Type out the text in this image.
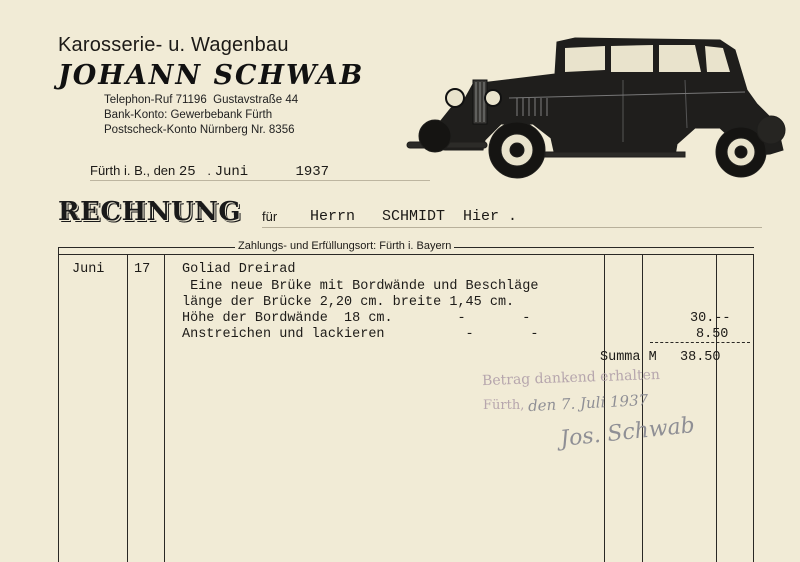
Karosserie- u. Wagenbau
JOHANN SCHWAB
Telephon-Ruf 71196 Gustavstraße 44
Bank-Konto: Gewerbebank Fürth
Postscheck-Konto Nürnberg Nr. 8356
Fürth i. B., den 25 . Juni	1937
RECHNUNG für Herrn   SCHMIDT  Hier .
Zahlungs- und Erfüllungsort: Fürth i. Bayern
Juni 17 Goliad Dreirad
Eine neue Brüke mit Bordwände und Beschläge
länge der Brücke 2,20 cm. breite 1,45 cm.
Höhe der Bordwände  18 cm.        -       -
Anstreichen und lackieren          -       -
30.--
8.50
Summa M 38.50
Betrag dankend erhalten
Fürth, den 7. Juli 1937
Jos. Schwab
